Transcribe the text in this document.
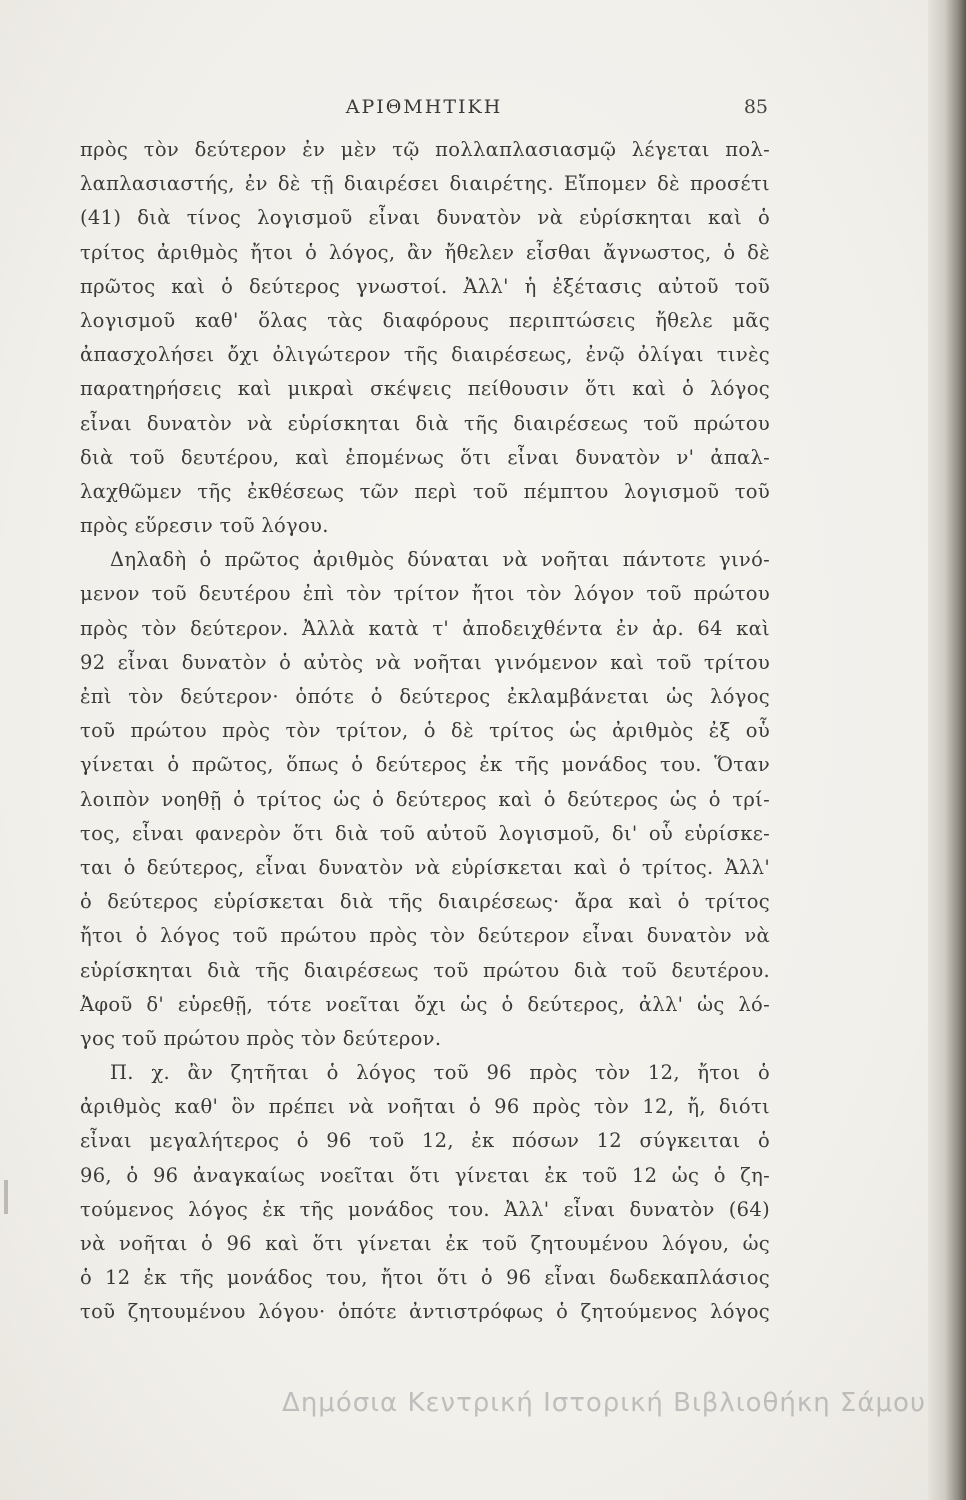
ΑΡΙΘΜΗΤΙΚΗ	85
πρὸς τὸν δεύτερον ἐν μὲν τῷ πολλαπλασιασμῷ λέγεται πολ-
λαπλασιαστής, ἐν δὲ τῇ διαιρέσει διαιρέτης. Εἴπομεν δὲ προσέτι
(41) διὰ τίνος λογισμοῦ εἶναι δυνατὸν νὰ εὑρίσκηται καὶ ὁ
τρίτος ἀριθμὸς ἤτοι ὁ λόγος, ἂν ἤθελεν εἶσθαι ἄγνωστος, ὁ δὲ
πρῶτος καὶ ὁ δεύτερος γνωστοί. Ἀλλ' ἡ ἐξέτασις αὐτοῦ τοῦ
λογισμοῦ καθ' ὅλας τὰς διαφόρους περιπτώσεις ἤθελε μᾶς
ἀπασχολήσει ὄχι ὀλιγώτερον τῆς διαιρέσεως, ἐνῷ ὀλίγαι τινὲς
παρατηρήσεις καὶ μικραὶ σκέψεις πείθουσιν ὅτι καὶ ὁ λόγος
εἶναι δυνατὸν νὰ εὑρίσκηται διὰ τῆς διαιρέσεως τοῦ πρώτου
διὰ τοῦ δευτέρου, καὶ ἑπομένως ὅτι εἶναι δυνατὸν ν' ἀπαλ-
λαχθῶμεν τῆς ἐκθέσεως τῶν περὶ τοῦ πέμπτου λογισμοῦ τοῦ
πρὸς εὕρεσιν τοῦ λόγου.
Δηλαδὴ ὁ πρῶτος ἀριθμὸς δύναται νὰ νοῆται πάντοτε γινό-
μενον τοῦ δευτέρου ἐπὶ τὸν τρίτον ἤτοι τὸν λόγον τοῦ πρώτου
πρὸς τὸν δεύτερον. Ἀλλὰ κατὰ τ' ἀποδειχθέντα ἐν ἀρ. 64 καὶ
92 εἶναι δυνατὸν ὁ αὐτὸς νὰ νοῆται γινόμενον καὶ τοῦ τρίτου
ἐπὶ τὸν δεύτερον· ὁπότε ὁ δεύτερος ἐκλαμβάνεται ὡς λόγος
τοῦ πρώτου πρὸς τὸν τρίτον, ὁ δὲ τρίτος ὡς ἀριθμὸς ἐξ οὗ
γίνεται ὁ πρῶτος, ὅπως ὁ δεύτερος ἐκ τῆς μονάδος του. Ὅταν
λοιπὸν νοηθῇ ὁ τρίτος ὡς ὁ δεύτερος καὶ ὁ δεύτερος ὡς ὁ τρί-
τος, εἶναι φανερὸν ὅτι διὰ τοῦ αὐτοῦ λογισμοῦ, δι' οὗ εὑρίσκε-
ται ὁ δεύτερος, εἶναι δυνατὸν νὰ εὑρίσκεται καὶ ὁ τρίτος. Ἀλλ'
ὁ δεύτερος εὑρίσκεται διὰ τῆς διαιρέσεως· ἄρα καὶ ὁ τρίτος
ἤτοι ὁ λόγος τοῦ πρώτου πρὸς τὸν δεύτερον εἶναι δυνατὸν νὰ
εὑρίσκηται διὰ τῆς διαιρέσεως τοῦ πρώτου διὰ τοῦ δευτέρου.
Ἀφοῦ δ' εὑρεθῇ, τότε νοεῖται ὄχι ὡς ὁ δεύτερος, ἀλλ' ὡς λό-
γος τοῦ πρώτου πρὸς τὸν δεύτερον.
Π. χ. ἂν ζητῆται ὁ λόγος τοῦ 96 πρὸς τὸν 12, ἤτοι ὁ
ἀριθμὸς καθ' ὃν πρέπει νὰ νοῆται ὁ 96 πρὸς τὸν 12, ἤ, διότι
εἶναι μεγαλήτερος ὁ 96 τοῦ 12, ἐκ πόσων 12 σύγκειται ὁ
96, ὁ 96 ἀναγκαίως νοεῖται ὅτι γίνεται ἐκ τοῦ 12 ὡς ὁ ζη-
τούμενος λόγος ἐκ τῆς μονάδος του. Ἀλλ' εἶναι δυνατὸν (64)
νὰ νοῆται ὁ 96 καὶ ὅτι γίνεται ἐκ τοῦ ζητουμένου λόγου, ὡς
ὁ 12 ἐκ τῆς μονάδος του, ἤτοι ὅτι ὁ 96 εἶναι δωδεκαπλάσιος
τοῦ ζητουμένου λόγου· ὁπότε ἀντιστρόφως ὁ ζητούμενος λόγος
Δημόσια Κεντρική Ιστορική Βιβλιοθήκη Σάμου
